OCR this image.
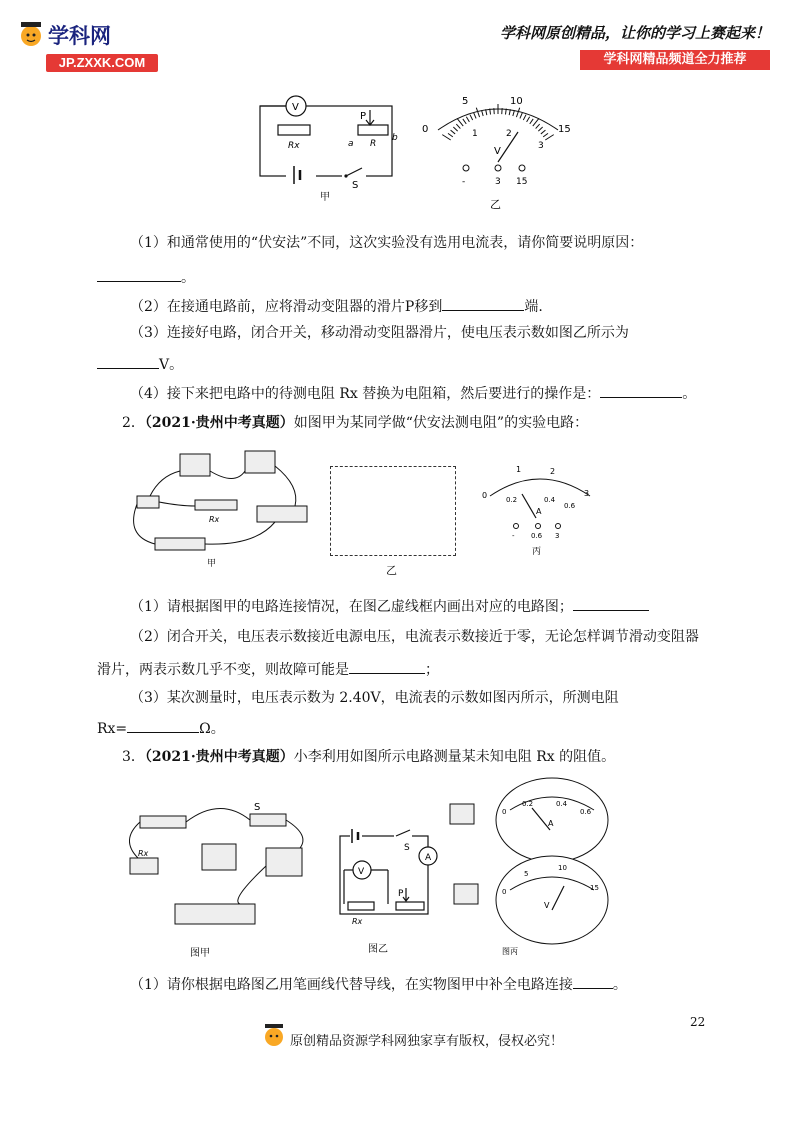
学科网
JP.ZXXK.COM
学科网原创精品，让你的学习上赛起来！
学科网精品频道全力推荐
V
P
Rx	a R
b
S
甲
5	10
15
0	1	2
3
V
-	3 15
乙
（1）和通常使用的“伏安法”不同，这次实验没有选用电流表，请你简要说明原因：
。
（2）在接通电路前，应将滑动变阻器的滑片P移到	端.
（3）连接好电路，闭合开关，移动滑动变阻器滑片，使电压表示数如图乙所示为
V。
（4）接下来把电路中的待测电阻 Rx 替换为电阻箱，然后要进行的操作是：	。
2．（2021·贵州中考真题）如图甲为某同学做“伏安法测电阻”的实验电路：
Rx
甲	乙
1	2
0	0.2	0.4
0.6
3
A
- 0.6 3
丙
（1）请根据图甲的电路连接情况，在图乙虚线框内画出对应的电路图；
（2）闭合开关，电压表示数接近电源电压，电流表示数接近于零，无论怎样调节滑动变阻器
滑片，两表示数几乎不变，则故障可能是	；
（3）某次测量时，电压表示数为 2.40V，电流表的示数如图丙所示，所测电阻
Rx=	Ω。
3．（2021·贵州中考真题）小李利用如图所示电路测量某未知电阻 Rx 的阻值。
S
Rx
图甲
S
A
V
P
Rx
图乙
0
0.2	0.4
0.6
A
0
5
10
15
V
图丙
（1）请你根据电路图乙用笔画线代替导线，在实物图甲中补全电路连接	。
22
原创精品资源学科网独家享有版权，侵权必究！
